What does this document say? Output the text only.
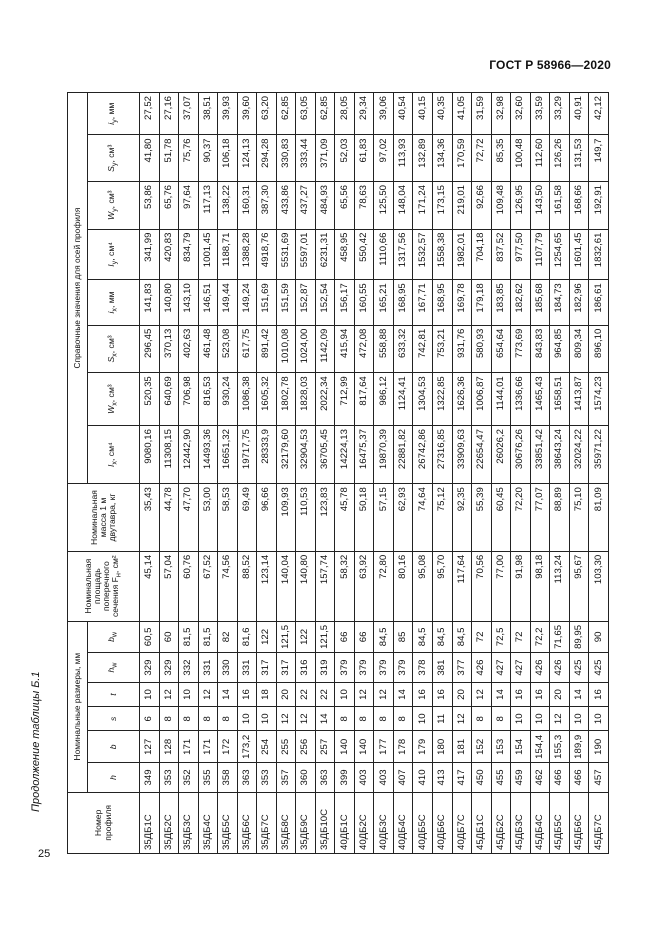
ГОСТ Р 58966—2020
Продолжение таблицы Б.1
25
Номер профиля	Номинальные размеры, мм						Номинальная площадь поперечного сечения $F_н$, см²	Номинальная масса 1 м двутавра, кг	Справочные значения для осей профиля							
	h	b	s	t	$h_w$	$b_w$			$I_x$, см⁴	$W_x$, см³	$S_x$, см³	$i_x$, мм	$I_y$, см⁴	$W_y$, см³	$S_y$, см³	$i_y$, мм
35ДБ1С	349	127	6	10	329	60,5	45,14	35,43	9080,16	520,35	296,45	141,83	341,99	53,86	41,80	27,52
35ДБ2С	353	128	8	12	329	60	57,04	44,78	11308,15	640,69	370,13	140,80	420,83	65,76	51,78	27,16
35ДБ3С	352	171	8	10	332	81,5	60,76	47,70	12442,90	706,98	402,63	143,10	834,79	97,64	75,76	37,07
35ДБ4С	355	171	8	12	331	81,5	67,52	53,00	14493,36	816,53	461,48	146,51	1001,45	117,13	90,37	38,51
35ДБ5С	358	172	8	14	330	82	74,56	58,53	16651,32	930,24	523,08	149,44	1188,71	138,22	106,18	39,93
35ДБ6С	363	173,2	10	16	331	81,6	88,52	69,49	19717,75	1086,38	617,75	149,24	1388,28	160,31	124,13	39,60
35ДБ7С	353	254	10	18	317	122	123,14	96,66	28333,9	1605,32	891,42	151,69	4918,76	387,30	294,28	63,20
35ДБ8С	357	255	12	20	317	121,5	140,04	109,93	32179,60	1802,78	1010,08	151,59	5531,69	433,86	330,83	62,85
35ДБ9С	360	256	12	22	316	122	140,80	110,53	32904,53	1828,03	1024,00	152,87	5597,01	437,27	333,44	63,05
35ДБ10С	363	257	14	22	319	121,5	157,74	123,83	36705,45	2022,34	1142,09	152,54	6231,31	484,93	371,09	62,85
40ДБ1С	399	140	8	10	379	66	58,32	45,78	14224,13	712,99	415,94	156,17	458,95	65,56	52,03	28,05
40ДБ2С	403	140	8	12	379	66	63,92	50,18	16475,37	817,64	472,08	160,55	550,42	78,63	61,83	29,34
40ДБ3С	403	177	8	12	379	84,5	72,80	57,15	19870,39	986,12	558,88	165,21	1110,66	125,50	97,02	39,06
40ДБ4С	407	178	8	14	379	85	80,16	62,93	22881,82	1124,41	633,32	168,95	1317,56	148,04	113,93	40,54
40ДБ5С	410	179	10	16	378	84,5	95,08	74,64	26742,86	1304,53	742,81	167,71	1532,57	171,24	132,89	40,15
40ДБ6С	413	180	11	16	381	84,5	95,70	75,12	27316,85	1322,85	753,21	168,95	1558,38	173,15	134,36	40,35
40ДБ7С	417	181	12	20	377	84,5	117,64	92,35	33909,63	1626,36	931,76	169,78	1982,01	219,01	170,59	41,05
45ДБ1С	450	152	8	12	426	72	70,56	55,39	22654,47	1006,87	580,93	179,18	704,18	92,66	72,72	31,59
45ДБ2С	455	153	8	14	427	72,5	77,00	60,45	26026,2	1144,01	654,64	183,85	837,52	109,48	85,35	32,98
45ДБ3С	459	154	10	16	427	72	91,98	72,20	30676,26	1336,66	773,69	182,62	977,50	126,95	100,48	32,60
45ДБ4С	462	154,4	10	16	426	72,2	98,18	77,07	33851,42	1465,43	843,83	185,68	1107,79	143,50	112,60	33,59
45ДБ5С	466	155,3	12	20	426	71,65	113,24	88,89	38643,24	1658,51	964,85	184,73	1254,65	161,58	126,26	33,29
45ДБ6С	466	189,9	10	14	425	89,95	95,67	75,10	32024,22	1413,87	809,34	182,96	1601,45	168,66	131,53	40,91
45ДБ7С	457	190	10	16	425	90	103,30	81,09	35971,22	1574,23	896,10	186,61	1832,61	192,91	149,7	42,12
